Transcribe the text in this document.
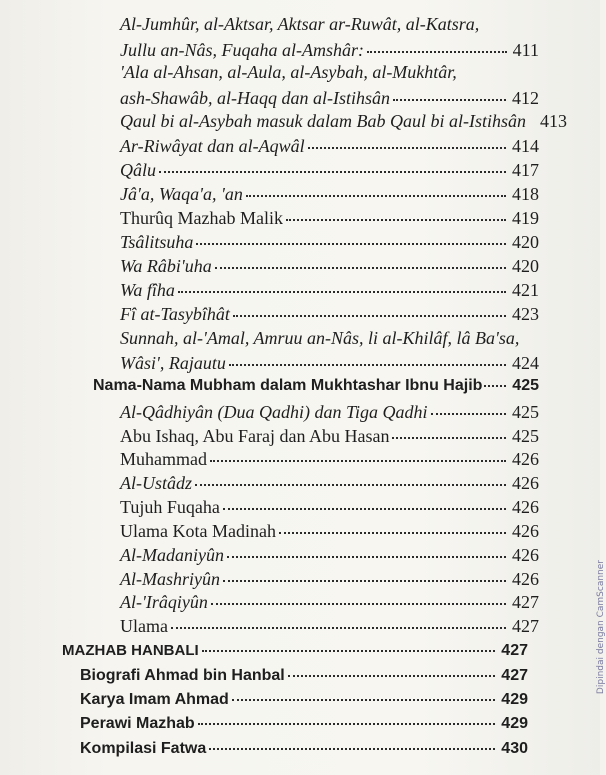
Al-Jumhûr, al-Aktsar, Aktsar ar-Ruwât, al-Katsra,
Jullu an-Nâs, Fuqaha al-Amshâr:	411
'Ala al-Ahsan, al-Aula, al-Asybah, al-Mukhtâr,
ash-Shawâb, al-Haqq dan al-Istihsân	412
Qaul bi al-Asybah masuk dalam Bab Qaul bi al-Istihsân 413
Ar-Riwâyat dan al-Aqwâl	414
Qâlu	417
Jâ'a, Waqa'a, 'an	418
Thurûq Mazhab Malik	419
Tsâlitsuha	420
Wa Râbi'uha	420
Wa fîha	421
Fî at-Tasybîhât	423
Sunnah, al-'Amal, Amruu an-Nâs, li al-Khilâf, lâ Ba'sa,
Wâsi', Rajautu	424
Nama-Nama Mubham dalam Mukhtashar Ibnu Hajib 425
Al-Qâdhiyân (Dua Qadhi) dan Tiga Qadhi	425
Abu Ishaq, Abu Faraj dan Abu Hasan	425
Muhammad	426
Al-Ustâdz	426
Tujuh Fuqaha	426
Ulama Kota Madinah	426
Al-Madaniyûn	426
Al-Mashriyûn	426
Al-'Irâqiyûn	427
Ulama	427
MAZHAB HANBALI	427
Biografi Ahmad bin Hanbal	427
Karya Imam Ahmad	429
Perawi Mazhab	429
Kompilasi Fatwa	430
Dipindai dengan CamScanner
